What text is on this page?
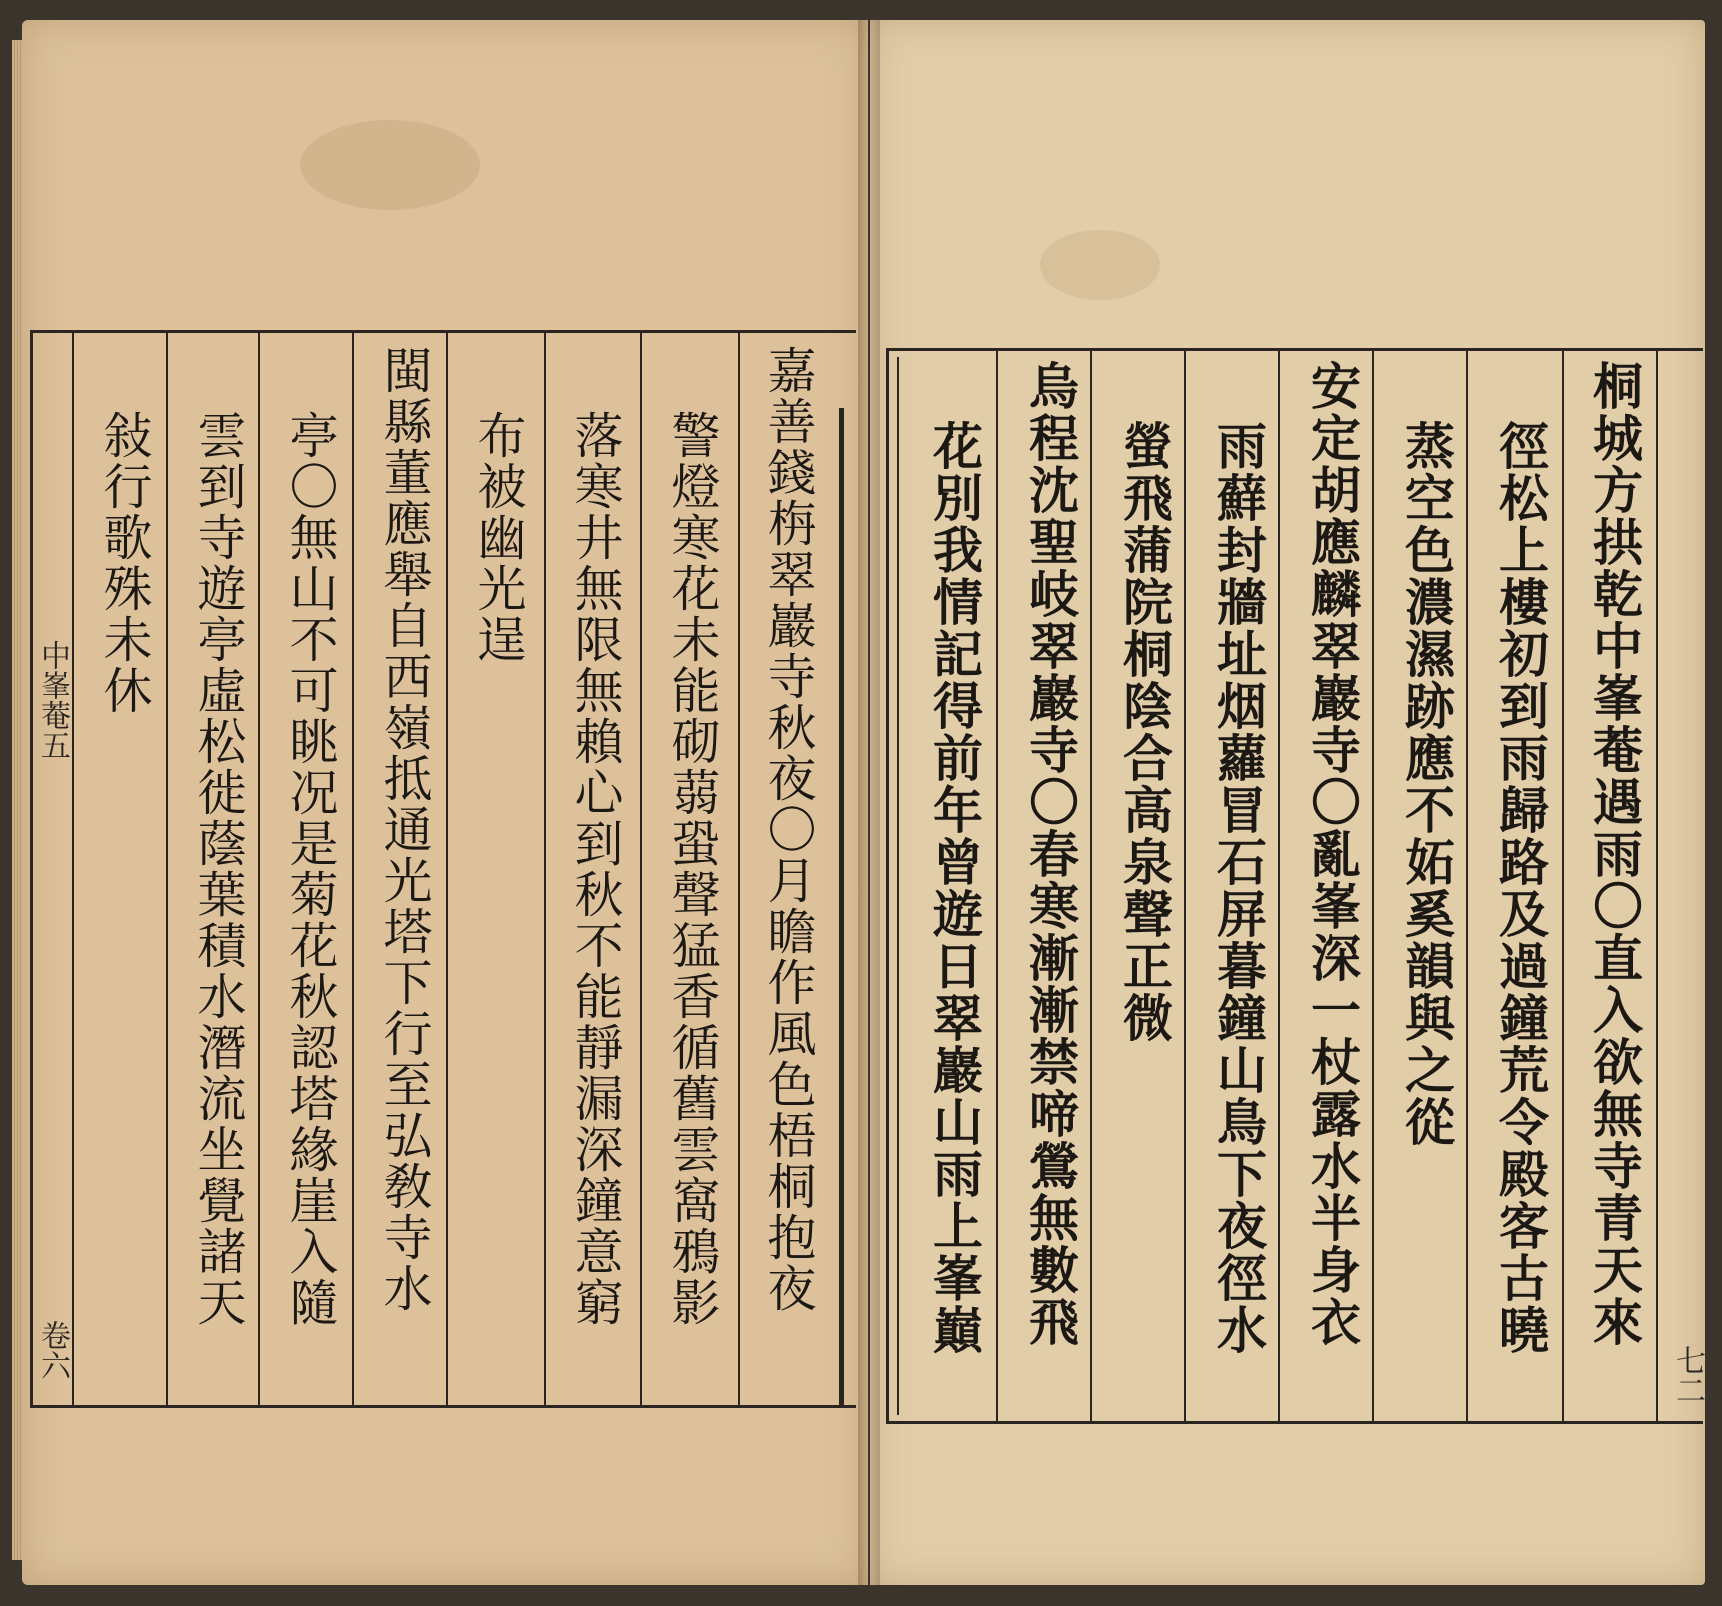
嘉善錢栴翠巖寺秋夜〇月瞻作風色梧桐抱夜
警燈寒花未能砌蒻蛩聲猛香循舊雲窩鴉影
落寒井無限無賴心到秋不能靜漏深鐘意窮
布被幽光逞
閩縣董應舉自西嶺抵通光塔下行至弘敎寺水
亭〇無山不可眺况是菊花秋認塔緣崖入隨
雲到寺遊亭虛松徙蔭葉積水潛流坐覺諸天
敍行歌殊未休
中峯菴五
卷六
桐城方拱乾中峯菴遇雨〇直入欲無寺青天來
徑松上樓初到雨歸路及過鐘荒令殿客古曉
蒸空色濃濕跡應不妬奚韻與之從
安定胡應麟翠巖寺〇亂峯深一杖露水半身衣
雨蘚封牆址烟蘿冒石屏暮鐘山鳥下夜徑水
螢飛蒲院桐陰合高泉聲正微
烏程沈聖岐翠巖寺〇春寒漸漸禁啼鶯無數飛
花別我情記得前年曾遊日翠巖山雨上峯巔
七二
